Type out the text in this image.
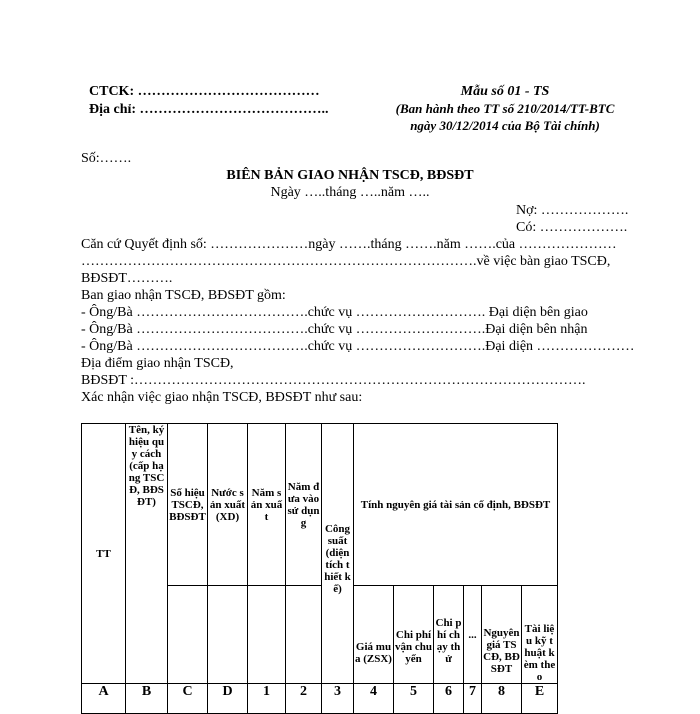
CTCK: …………………………………
Địa chỉ: …………………………………..
Mẫu số 01 - TS
(Ban hành theo TT số 210/2014/TT-BTC
ngày 30/12/2014 của Bộ Tài chính)
Số:…….
BIÊN BẢN GIAO NHẬN TSCĐ, BĐSĐT
Ngày …..tháng …..năm …..
Nợ: ……………….
Có: ……………….
Căn cứ Quyết định số: …………………ngày …….tháng …….năm …….của …………………
………………………………………………………………………….về việc bàn giao TSCĐ,
BĐSĐT……….
Ban giao nhận TSCĐ, BĐSĐT gồm:
- Ông/Bà ……………………………….chức vụ ………………………. Đại diện bên giao
- Ông/Bà ……………………………….chức vụ ……………………….Đại diện bên nhận
- Ông/Bà ……………………………….chức vụ ……………………….Đại diện …………………
Địa điểm giao nhận TSCĐ,
BĐSĐT :…………………………………………………………………………………….
Xác nhận việc giao nhận TSCĐ, BĐSĐT như sau:
TT	Tên, ký hiệu quy cách (cấp hạng TSCĐ, BĐSĐT)	Số hiệu TSCĐ, BĐSĐT	Nước sản xuất (XD)	Năm sản xuất	Năm đưa vào sử dụng	Công suất (diện tích thiết kế)	Tính nguyên giá tài sản cố định, BĐSĐT					

							Giá mua (ZSX)	Chi phí vận chuyển	Chi phí chạy thử	...	Nguyên giá TSCĐ, BĐSĐT	Tài liệu kỹ thuật kèm theo

A	B	C	D	1	2	3	4	5	6	7	8	E
